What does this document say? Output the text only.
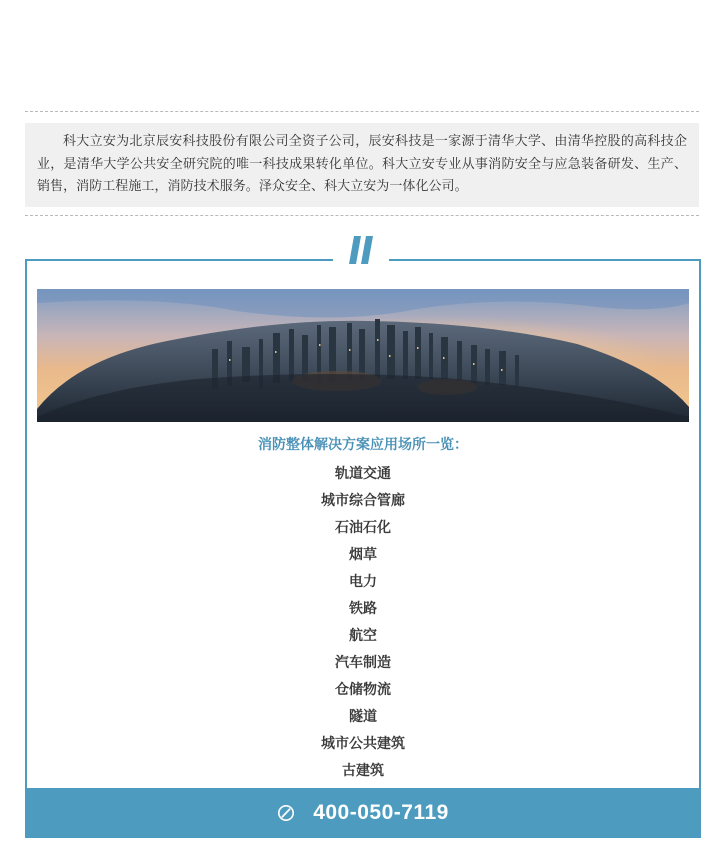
科大立安为北京辰安科技股份有限公司全资子公司，辰安科技是一家源于清华大学、由清华控股的高科技企业，是清华大学公共安全研究院的唯一科技成果转化单位。科大立安专业从事消防安全与应急装备研发、生产、销售，消防工程施工，消防技术服务。泽众安全、科大立安为一体化公司。

消防整体解决方案应用场所一览：
轨道交通
城市综合管廊
石油石化
烟草
电力
铁路
航空
汽车制造
仓储物流
隧道
城市公共建筑
古建筑
400-050-7119
